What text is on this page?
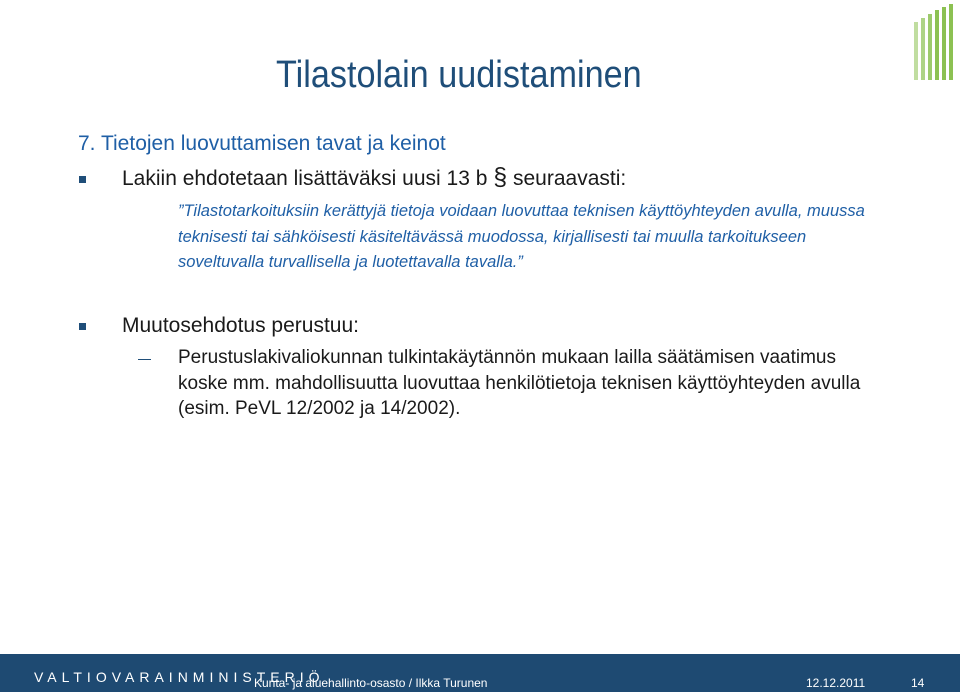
Tilastolain uudistaminen
7. Tietojen luovuttamisen tavat ja keinot
Lakiin ehdotetaan lisättäväksi uusi 13 b § seuraavasti:
”Tilastotarkoituksiin kerättyjä tietoja voidaan luovuttaa teknisen käyttöyhteyden avulla, muussa teknisesti tai sähköisesti käsiteltävässä muodossa, kirjallisesti tai muulla tarkoitukseen soveltuvalla turvallisella ja luotettavalla tavalla.”
Muutosehdotus perustuu:
Perustuslakivaliokunnan tulkintakäytännön mukaan lailla säätämisen vaatimus koske mm. mahdollisuutta luovuttaa henkilötietoja teknisen käyttöyhteyden avulla (esim. PeVL 12/2002 ja 14/2002).
VALTIOVARAINMINISTERIÖ
Kunta- ja aluehallinto-osasto / Ilkka Turunen	12.12.2011	14
